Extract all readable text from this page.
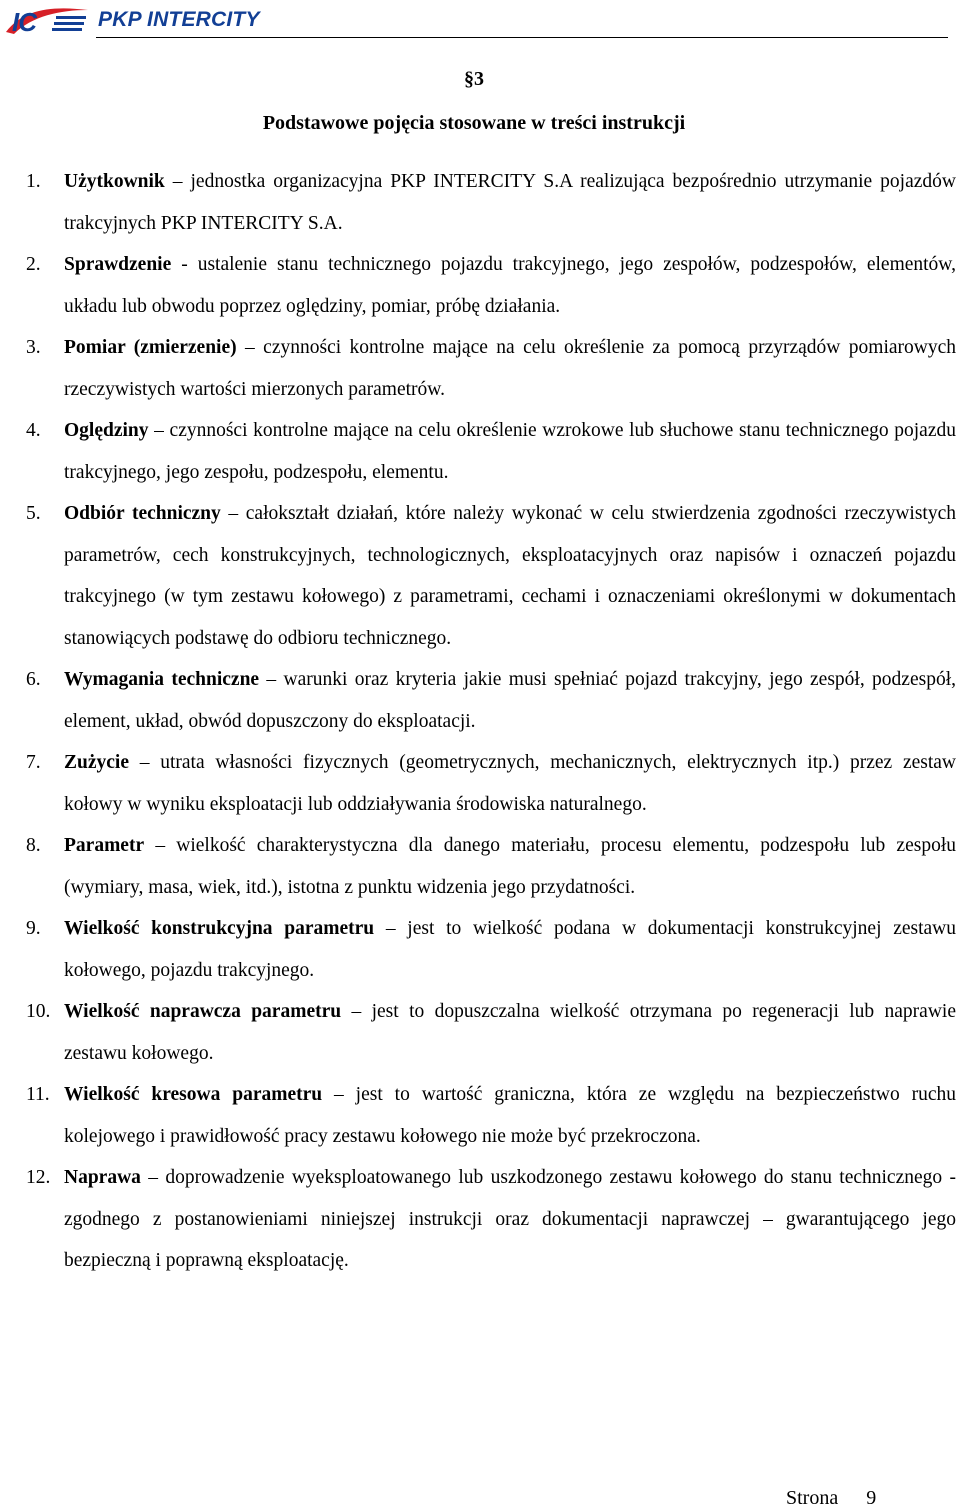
IC	PKP INTERCITY
§3
Podstawowe pojęcia stosowane w treści instrukcji
1. Użytkownik – jednostka organizacyjna PKP INTERCITY S.A realizująca bezpośrednio utrzymanie pojazdów trakcyjnych PKP INTERCITY S.A.
2. Sprawdzenie - ustalenie stanu technicznego pojazdu trakcyjnego, jego zespołów, podzespołów, elementów, układu lub obwodu poprzez oględziny, pomiar, próbę działania.
3. Pomiar (zmierzenie) – czynności kontrolne mające na celu określenie za pomocą przyrządów pomiarowych rzeczywistych wartości mierzonych parametrów.
4. Oględziny – czynności kontrolne mające na celu określenie wzrokowe lub słuchowe stanu technicznego pojazdu trakcyjnego, jego zespołu, podzespołu, elementu.
5. Odbiór techniczny – całokształt działań, które należy wykonać w celu stwierdzenia zgodności rzeczywistych parametrów, cech konstrukcyjnych, technologicznych, eksploatacyjnych oraz napisów i oznaczeń pojazdu trakcyjnego (w tym zestawu kołowego) z parametrami, cechami i oznaczeniami określonymi w dokumentach stanowiących podstawę do odbioru technicznego.
6. Wymagania techniczne – warunki oraz kryteria jakie musi spełniać pojazd trakcyjny, jego zespół, podzespół, element, układ, obwód dopuszczony do eksploatacji.
7. Zużycie – utrata własności fizycznych (geometrycznych, mechanicznych, elektrycznych itp.) przez zestaw kołowy w wyniku eksploatacji lub oddziaływania środowiska naturalnego.
8. Parametr – wielkość charakterystyczna dla danego materiału, procesu elementu, podzespołu lub zespołu (wymiary, masa, wiek, itd.), istotna z punktu widzenia jego przydatności.
9. Wielkość konstrukcyjna parametru – jest to wielkość podana w dokumentacji konstrukcyjnej zestawu kołowego, pojazdu trakcyjnego.
10. Wielkość naprawcza parametru – jest to dopuszczalna wielkość otrzymana po regeneracji lub naprawie zestawu kołowego.
11. Wielkość kresowa parametru – jest to wartość graniczna, która ze względu na bezpieczeństwo ruchu kolejowego i prawidłowość pracy zestawu kołowego nie może być przekroczona.
12. Naprawa – doprowadzenie wyeksploatowanego lub uszkodzonego zestawu kołowego do stanu technicznego - zgodnego z postanowieniami niniejszej instrukcji oraz dokumentacji naprawczej – gwarantującego jego bezpieczną i poprawną eksploatację.
Strona 9
